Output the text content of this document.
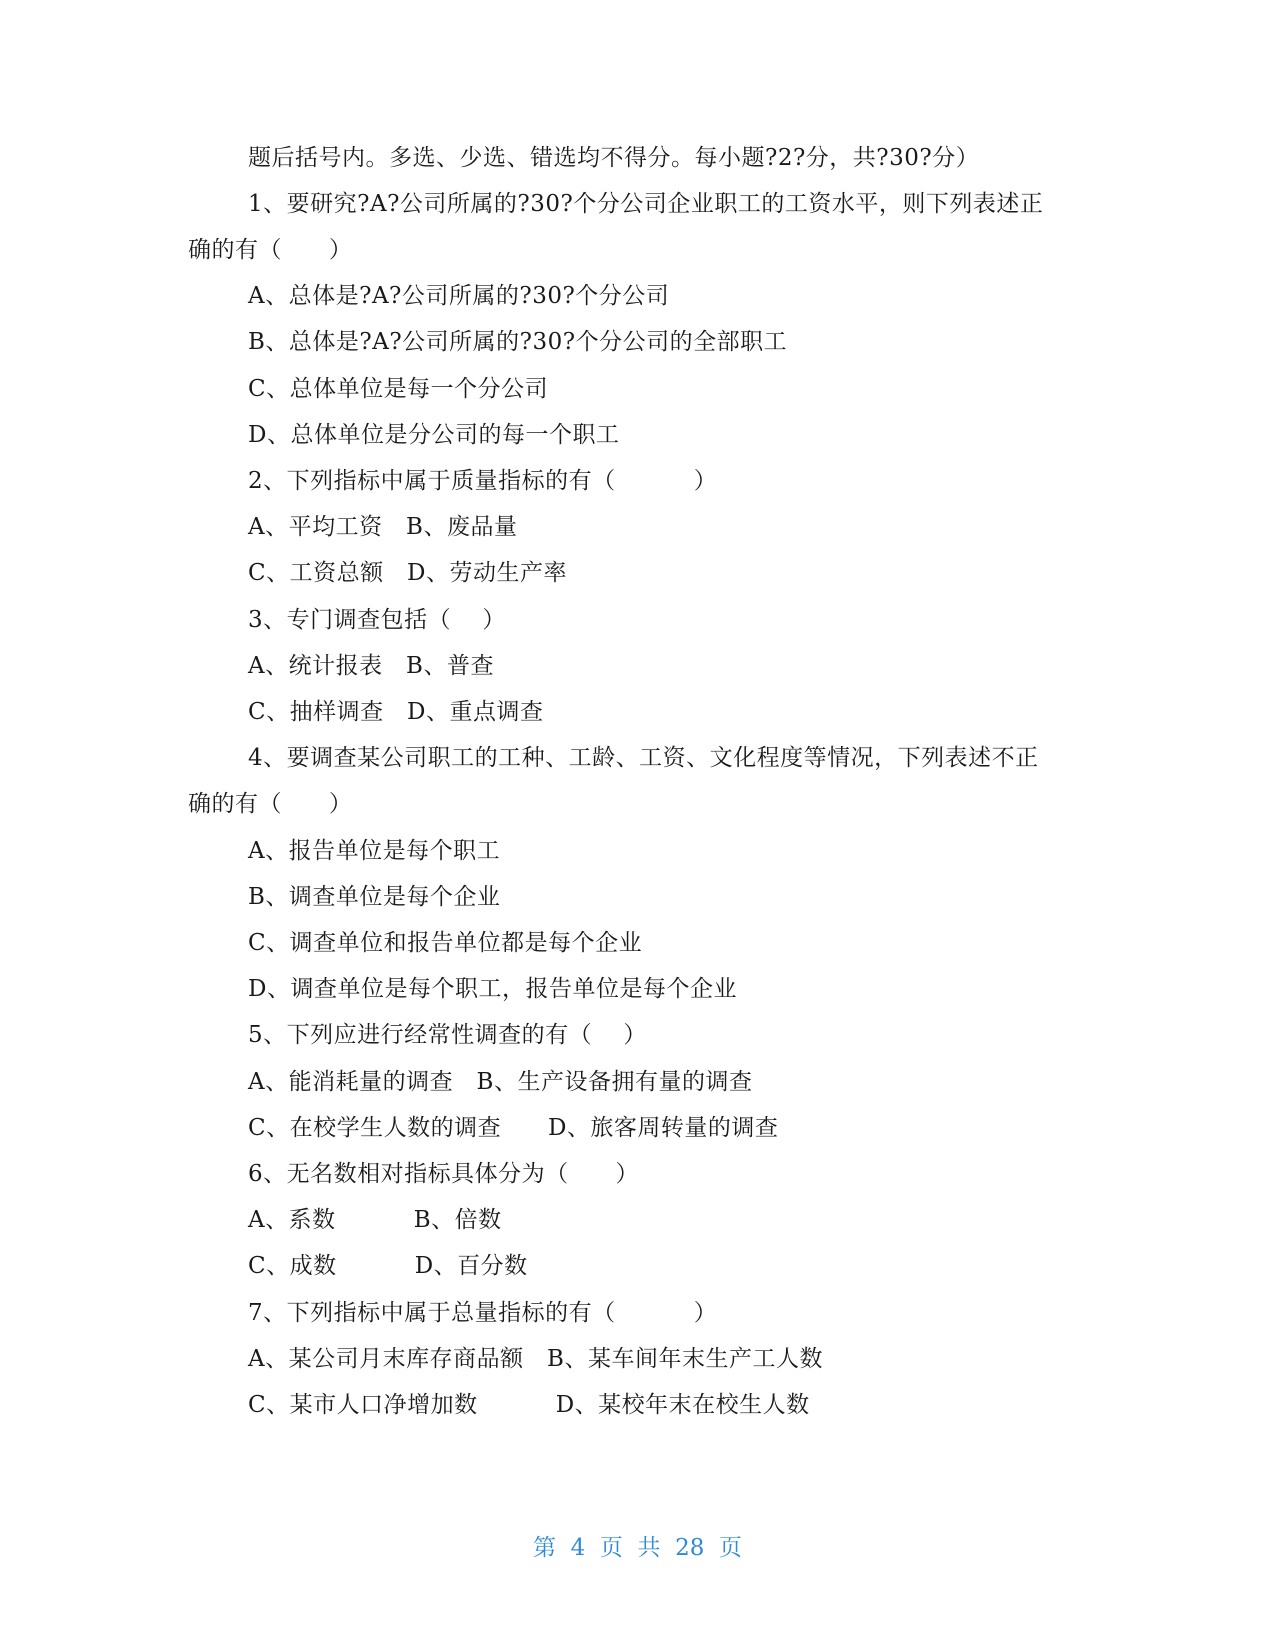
题后括号内。多选、少选、错选均不得分。每小题?2?分，共?30?分）
1、要研究?A?公司所属的?30?个分公司企业职工的工资水平，则下列表述正
确的有（      ）
A、总体是?A?公司所属的?30?个分公司
B、总体是?A?公司所属的?30?个分公司的全部职工
C、总体单位是每一个分公司
D、总体单位是分公司的每一个职工
2、下列指标中属于质量指标的有（          ）
A、平均工资   B、废品量
C、工资总额   D、劳动生产率
3、专门调查包括（    ）
A、统计报表   B、普查
C、抽样调查   D、重点调查
4、要调查某公司职工的工种、工龄、工资、文化程度等情况，下列表述不正
确的有（      ）
A、报告单位是每个职工
B、调查单位是每个企业
C、调查单位和报告单位都是每个企业
D、调查单位是每个职工，报告单位是每个企业
5、下列应进行经常性调查的有（    ）
A、能消耗量的调查   B、生产设备拥有量的调查
C、在校学生人数的调查      D、旅客周转量的调查
6、无名数相对指标具体分为（      ）
A、系数          B、倍数
C、成数          D、百分数
7、下列指标中属于总量指标的有（          ）
A、某公司月末库存商品额   B、某车间年末生产工人数
C、某市人口净增加数          D、某校年末在校生人数
第  4  页  共  28  页
